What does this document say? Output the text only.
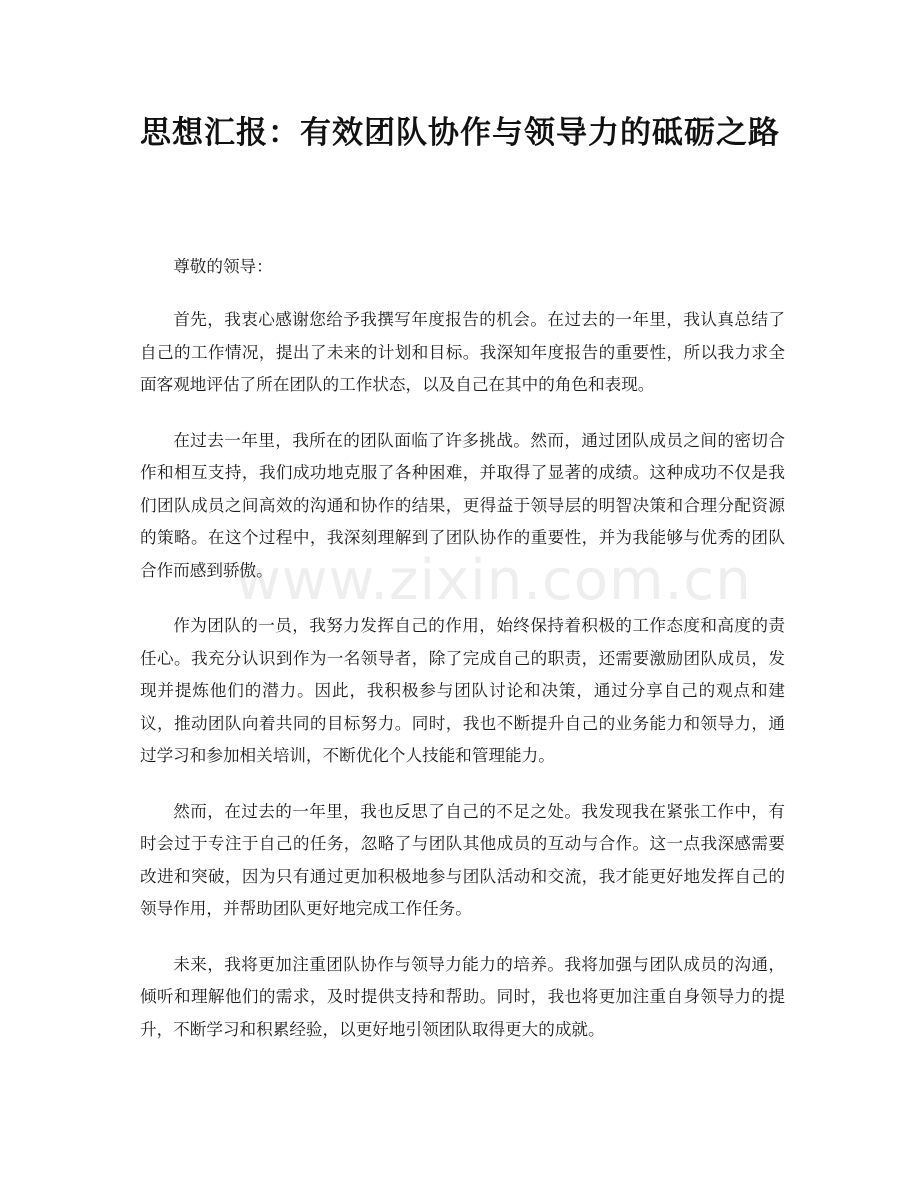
思想汇报：有效团队协作与领导力的砥砺之路
www.zixin.com.cn

尊敬的领导：

首先，我衷心感谢您给予我撰写年度报告的机会。在过去的一年里，我认真总结了自己的工作情况，提出了未来的计划和目标。我深知年度报告的重要性，所以我力求全面客观地评估了所在团队的工作状态，以及自己在其中的角色和表现。

在过去一年里，我所在的团队面临了许多挑战。然而，通过团队成员之间的密切合作和相互支持，我们成功地克服了各种困难，并取得了显著的成绩。这种成功不仅是我们团队成员之间高效的沟通和协作的结果，更得益于领导层的明智决策和合理分配资源的策略。在这个过程中，我深刻理解到了团队协作的重要性，并为我能够与优秀的团队合作而感到骄傲。

作为团队的一员，我努力发挥自己的作用，始终保持着积极的工作态度和高度的责任心。我充分认识到作为一名领导者，除了完成自己的职责，还需要激励团队成员，发现并提炼他们的潜力。因此，我积极参与团队讨论和决策，通过分享自己的观点和建议，推动团队向着共同的目标努力。同时，我也不断提升自己的业务能力和领导力，通过学习和参加相关培训，不断优化个人技能和管理能力。

然而，在过去的一年里，我也反思了自己的不足之处。我发现我在紧张工作中，有时会过于专注于自己的任务，忽略了与团队其他成员的互动与合作。这一点我深感需要改进和突破，因为只有通过更加积极地参与团队活动和交流，我才能更好地发挥自己的领导作用，并帮助团队更好地完成工作任务。

未来，我将更加注重团队协作与领导力能力的培养。我将加强与团队成员的沟通，倾听和理解他们的需求，及时提供支持和帮助。同时，我也将更加注重自身领导力的提升，不断学习和积累经验，以更好地引领团队取得更大的成就。
